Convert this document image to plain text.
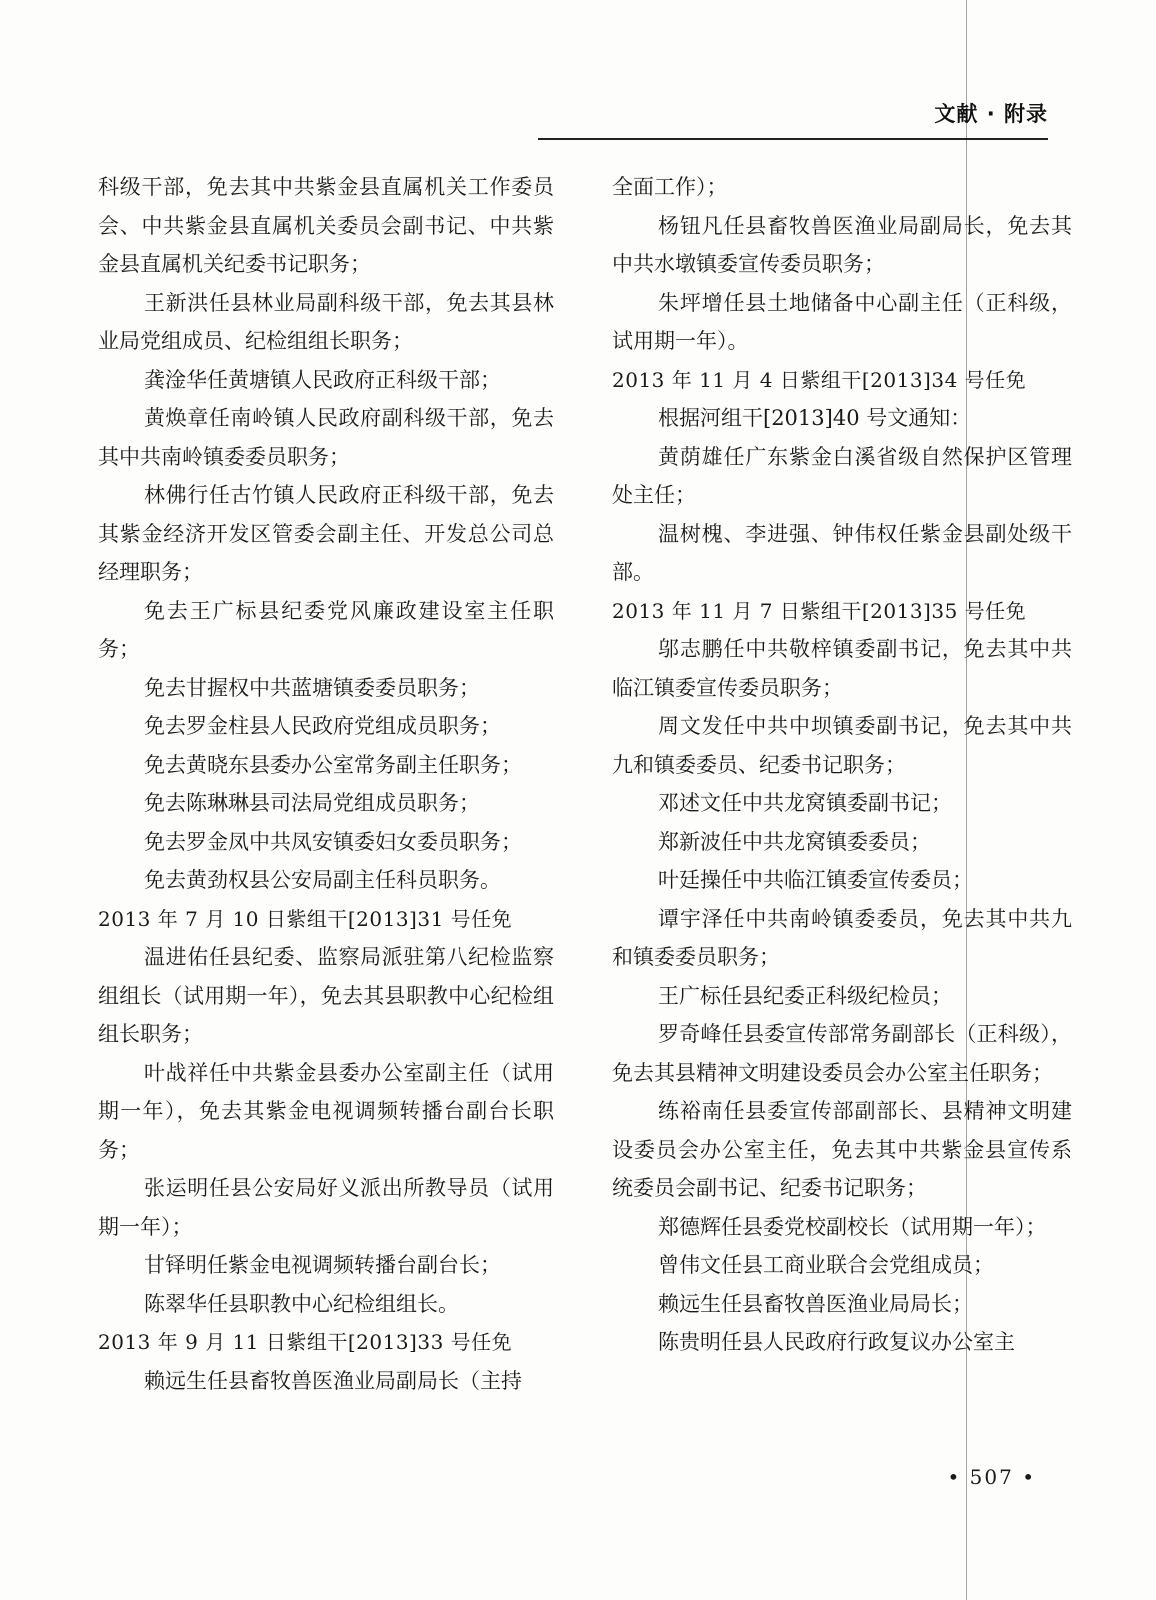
文献 · 附录

科级干部，免去其中共紫金县直属机关工作委员会、中共紫金县直属机关委员会副书记、中共紫金县直属机关纪委书记职务；

王新洪任县林业局副科级干部，免去其县林业局党组成员、纪检组组长职务；

龚淦华任黄塘镇人民政府正科级干部；

黄焕章任南岭镇人民政府副科级干部，免去其中共南岭镇委委员职务；

林佛行任古竹镇人民政府正科级干部，免去其紫金经济开发区管委会副主任、开发总公司总经理职务；

免去王广标县纪委党风廉政建设室主任职务；

免去甘握权中共蓝塘镇委委员职务；

免去罗金柱县人民政府党组成员职务；

免去黄晓东县委办公室常务副主任职务；

免去陈琳琳县司法局党组成员职务；

免去罗金凤中共凤安镇委妇女委员职务；

免去黄劲权县公安局副主任科员职务。

2013 年 7 月 10 日紫组干[2013]31 号任免

温进佑任县纪委、监察局派驻第八纪检监察组组长（试用期一年），免去其县职教中心纪检组组长职务；

叶战祥任中共紫金县委办公室副主任（试用期一年），免去其紫金电视调频转播台副台长职务；

张运明任县公安局好义派出所教导员（试用期一年）；

甘铎明任紫金电视调频转播台副台长；

陈翠华任县职教中心纪检组组长。

2013 年 9 月 11 日紫组干[2013]33 号任免

赖远生任县畜牧兽医渔业局副局长（主持

全面工作）；

杨钮凡任县畜牧兽医渔业局副局长，免去其中共水墩镇委宣传委员职务；

朱坪增任县土地储备中心副主任（正科级，试用期一年）。

2013 年 11 月 4 日紫组干[2013]34 号任免

根据河组干[2013]40 号文通知：

黄荫雄任广东紫金白溪省级自然保护区管理处主任；

温树槐、李进强、钟伟权任紫金县副处级干部。

2013 年 11 月 7 日紫组干[2013]35 号任免

邬志鹏任中共敬梓镇委副书记，免去其中共临江镇委宣传委员职务；

周文发任中共中坝镇委副书记，免去其中共九和镇委委员、纪委书记职务；

邓述文任中共龙窝镇委副书记；

郑新波任中共龙窝镇委委员；

叶廷操任中共临江镇委宣传委员；

谭宇泽任中共南岭镇委委员，免去其中共九和镇委委员职务；

王广标任县纪委正科级纪检员；

罗奇峰任县委宣传部常务副部长（正科级），免去其县精神文明建设委员会办公室主任职务；

练裕南任县委宣传部副部长、县精神文明建设委员会办公室主任，免去其中共紫金县宣传系统委员会副书记、纪委书记职务；

郑德辉任县委党校副校长（试用期一年）；

曾伟文任县工商业联合会党组成员；

赖远生任县畜牧兽医渔业局局长；

陈贵明任县人民政府行政复议办公室主

• 507 •
